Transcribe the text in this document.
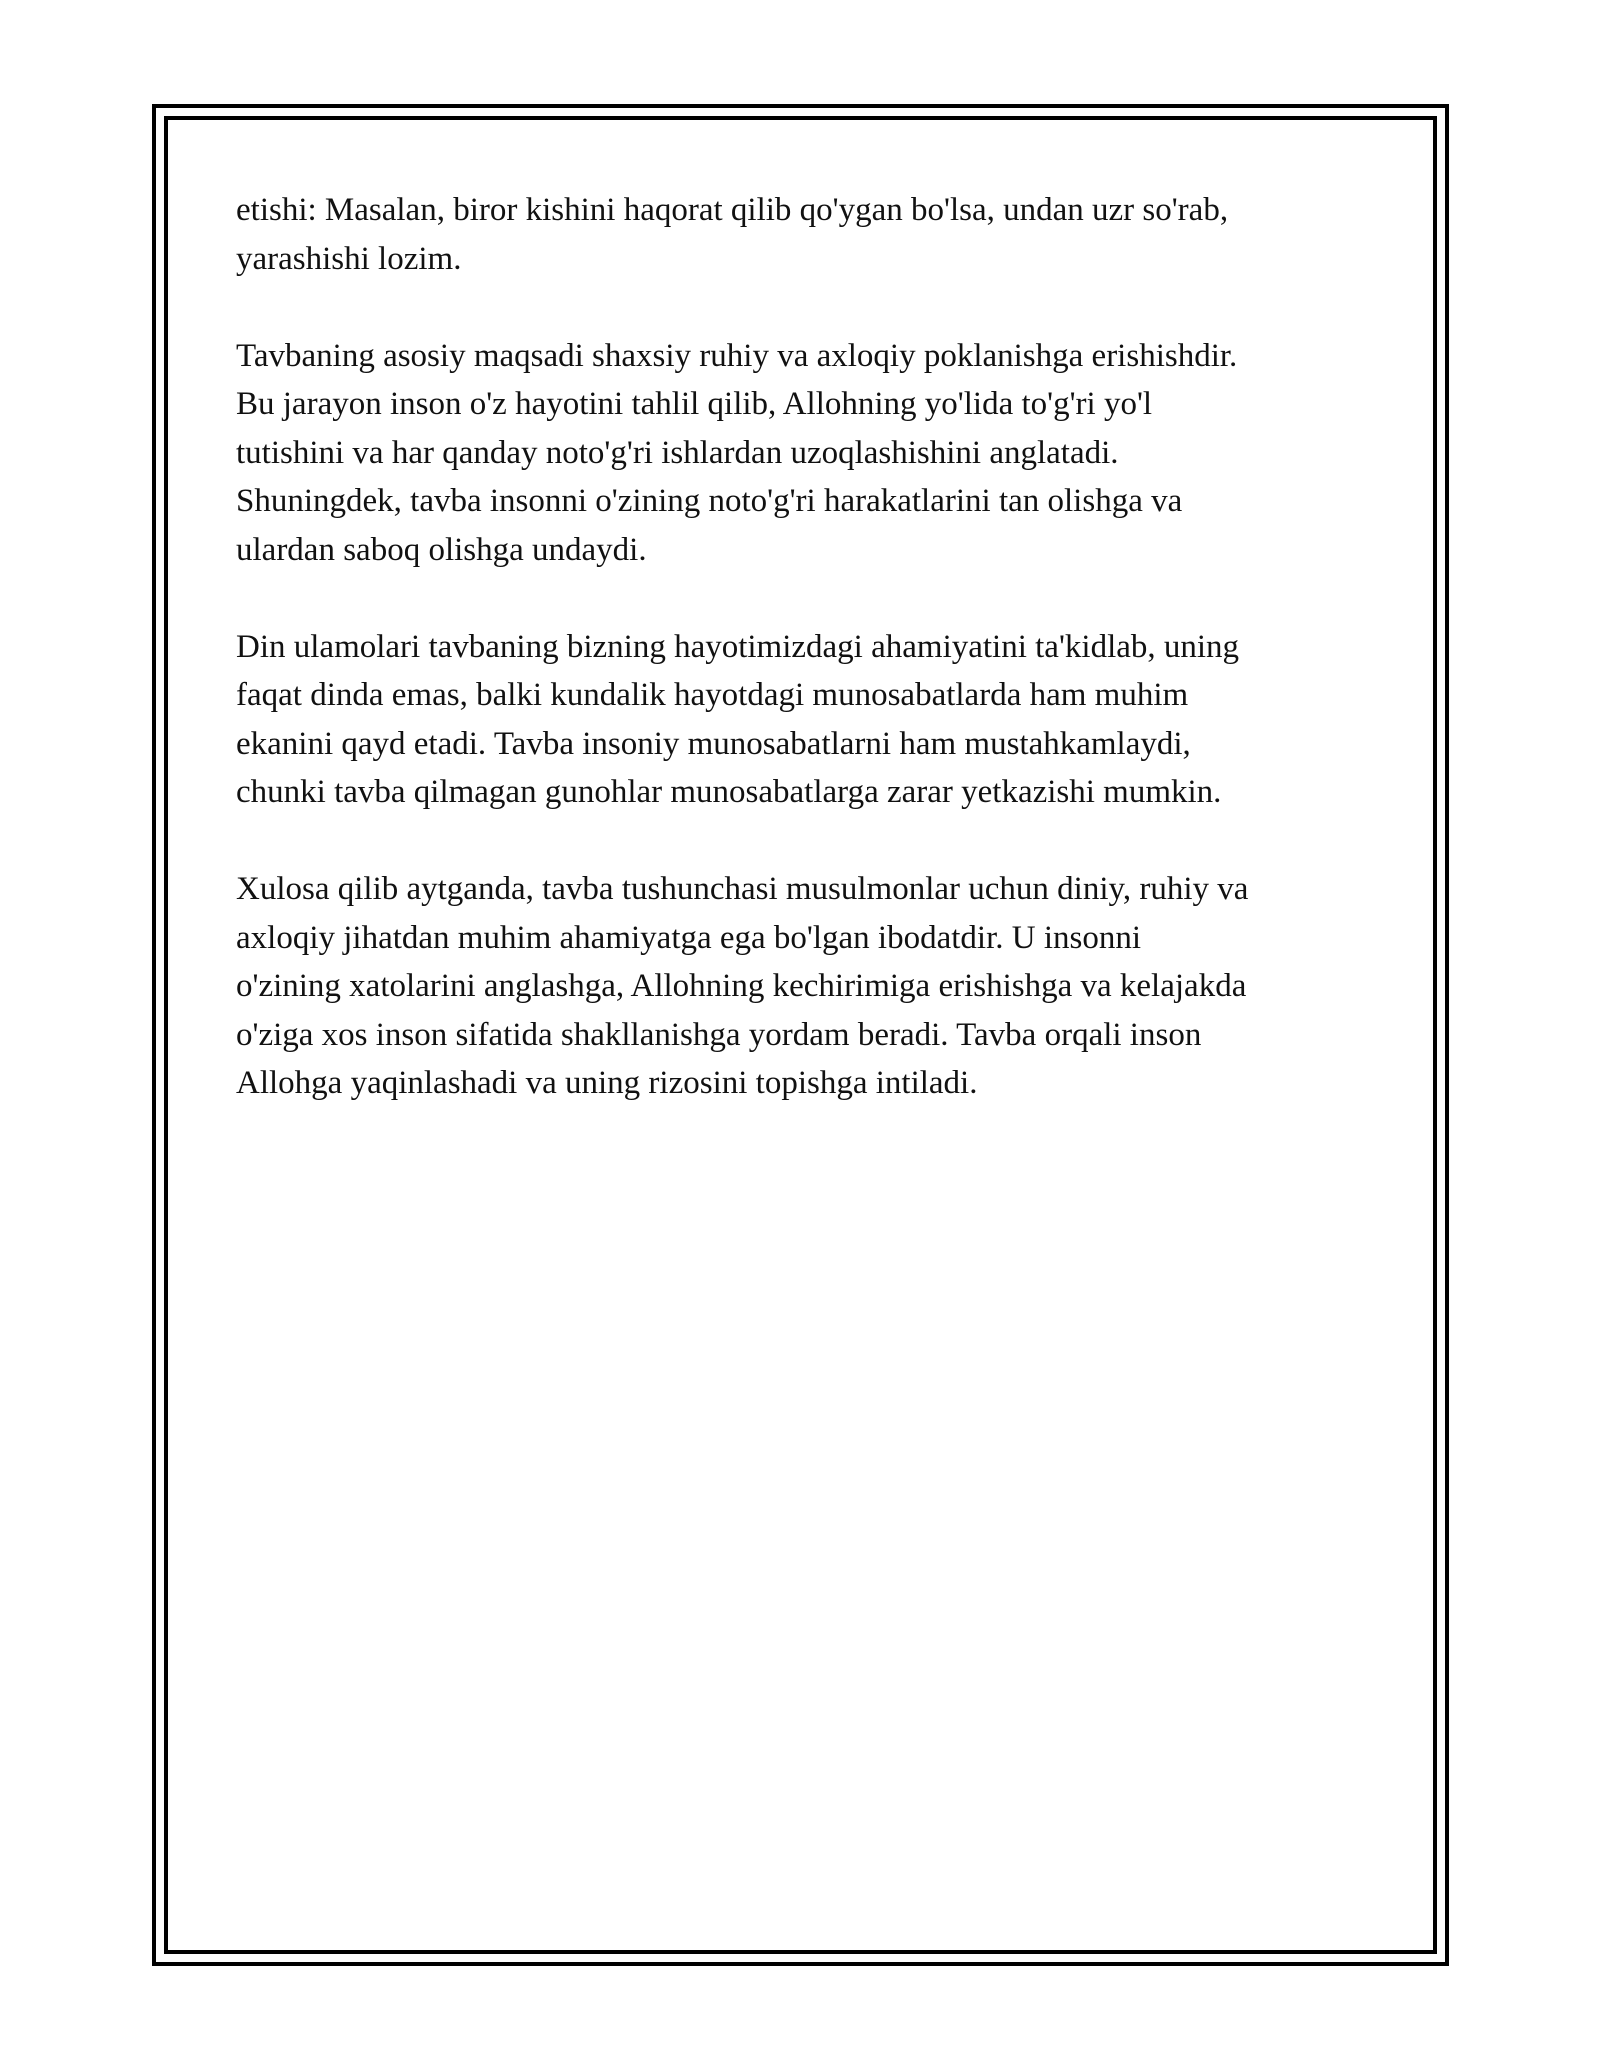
etishi: Masalan, biror kishini haqorat qilib qo'ygan bo'lsa, undan uzr so'rab,
yarashishi lozim.

Tavbaning asosiy maqsadi shaxsiy ruhiy va axloqiy poklanishga erishishdir.
Bu jarayon inson o'z hayotini tahlil qilib, Allohning yo'lida to'g'ri yo'l
tutishini va har qanday noto'g'ri ishlardan uzoqlashishini anglatadi.
Shuningdek, tavba insonni o'zining noto'g'ri harakatlarini tan olishga va
ulardan saboq olishga undaydi.

Din ulamolari tavbaning bizning hayotimizdagi ahamiyatini ta'kidlab, uning
faqat dinda emas, balki kundalik hayotdagi munosabatlarda ham muhim
ekanini qayd etadi. Tavba insoniy munosabatlarni ham mustahkamlaydi,
chunki tavba qilmagan gunohlar munosabatlarga zarar yetkazishi mumkin.

Xulosa qilib aytganda, tavba tushunchasi musulmonlar uchun diniy, ruhiy va
axloqiy jihatdan muhim ahamiyatga ega bo'lgan ibodatdir. U insonni
o'zining xatolarini anglashga, Allohning kechirimiga erishishga va kelajakda
o'ziga xos inson sifatida shakllanishga yordam beradi. Tavba orqali inson
Allohga yaqinlashadi va uning rizosini topishga intiladi.
